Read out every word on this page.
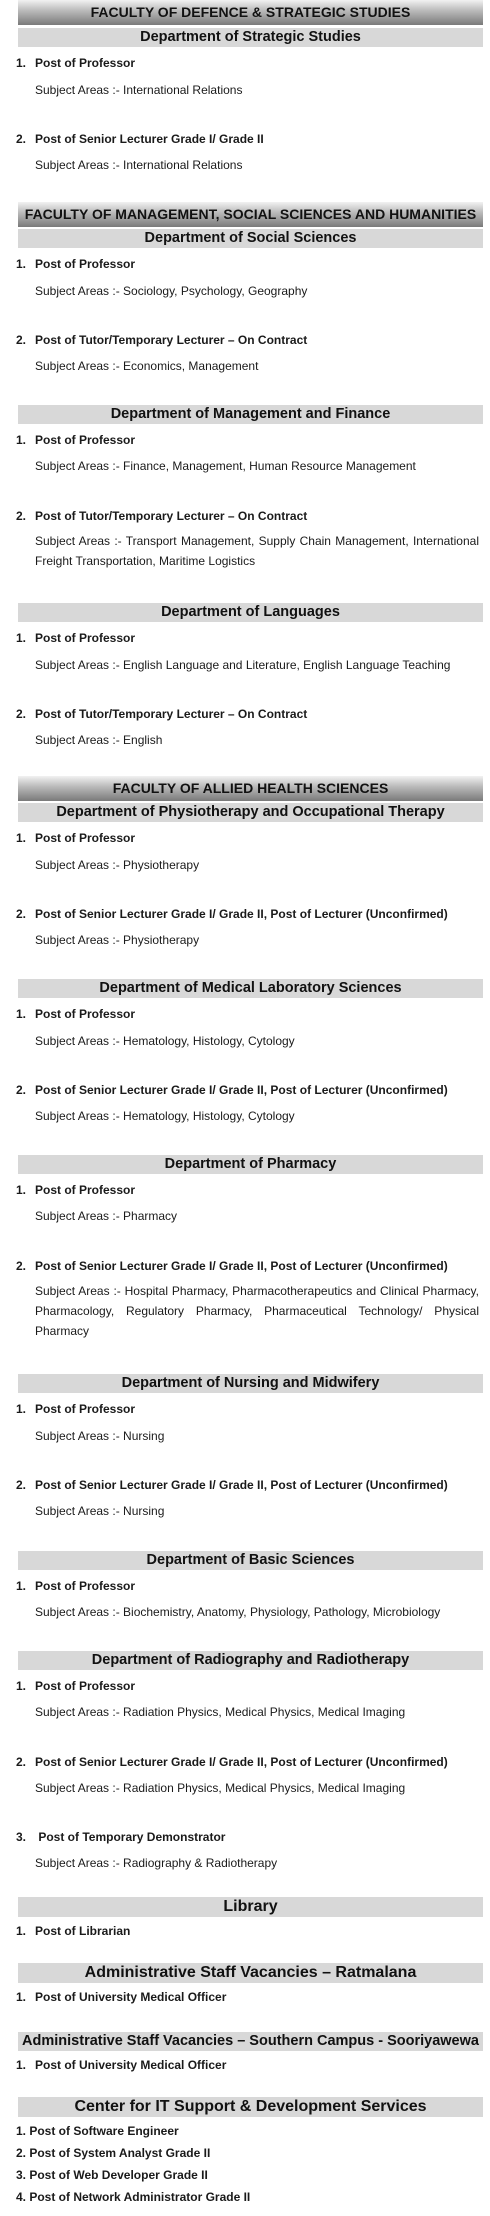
FACULTY OF DEFENCE & STRATEGIC STUDIES
Department of Strategic Studies
1. Post of Professor
Subject Areas :- International Relations
2. Post of Senior Lecturer Grade I/ Grade II
Subject Areas :- International Relations
FACULTY OF MANAGEMENT, SOCIAL SCIENCES AND HUMANITIES
Department of Social Sciences
1. Post of Professor
Subject Areas :- Sociology, Psychology, Geography
2. Post of Tutor/Temporary Lecturer – On Contract
Subject Areas :- Economics, Management
Department of Management and Finance
1. Post of Professor
Subject Areas :- Finance, Management, Human Resource Management
2. Post of Tutor/Temporary Lecturer – On Contract
Subject Areas :- Transport Management, Supply Chain Management, International Freight Transportation, Maritime Logistics
Department of Languages
1. Post of Professor
Subject Areas :- English Language and Literature, English Language Teaching
2. Post of Tutor/Temporary Lecturer – On Contract
Subject Areas :- English
FACULTY OF ALLIED HEALTH SCIENCES
Department of Physiotherapy and Occupational Therapy
1. Post of Professor
Subject Areas :- Physiotherapy
2. Post of Senior Lecturer Grade I/ Grade II, Post of Lecturer (Unconfirmed)
Subject Areas :- Physiotherapy
Department of Medical Laboratory Sciences
1. Post of Professor
Subject Areas :- Hematology, Histology, Cytology
2. Post of Senior Lecturer Grade I/ Grade II, Post of Lecturer (Unconfirmed)
Subject Areas :- Hematology, Histology, Cytology
Department of Pharmacy
1. Post of Professor
Subject Areas :- Pharmacy
2. Post of Senior Lecturer Grade I/ Grade II, Post of Lecturer (Unconfirmed)
Subject Areas :- Hospital Pharmacy, Pharmacotherapeutics and Clinical Pharmacy, Pharmacology, Regulatory Pharmacy, Pharmaceutical Technology/ Physical Pharmacy
Department of Nursing and Midwifery
1. Post of Professor
Subject Areas :- Nursing
2. Post of Senior Lecturer Grade I/ Grade II, Post of Lecturer (Unconfirmed)
Subject Areas :- Nursing
Department of Basic Sciences
1. Post of Professor
Subject Areas :- Biochemistry, Anatomy, Physiology, Pathology, Microbiology
Department of Radiography and Radiotherapy
1. Post of Professor
Subject Areas :- Radiation Physics, Medical Physics, Medical Imaging
2. Post of Senior Lecturer Grade I/ Grade II, Post of Lecturer (Unconfirmed)
Subject Areas :- Radiation Physics, Medical Physics, Medical Imaging
3. Post of Temporary Demonstrator
Subject Areas :- Radiography & Radiotherapy
Library
1. Post of Librarian
Administrative Staff Vacancies – Ratmalana
1. Post of University Medical Officer
Administrative Staff Vacancies – Southern Campus - Sooriyawewa
1. Post of University Medical Officer
Center for IT Support & Development Services
1. Post of Software Engineer
2. Post of System Analyst Grade II
3. Post of Web Developer Grade II
4. Post of Network Administrator Grade II
